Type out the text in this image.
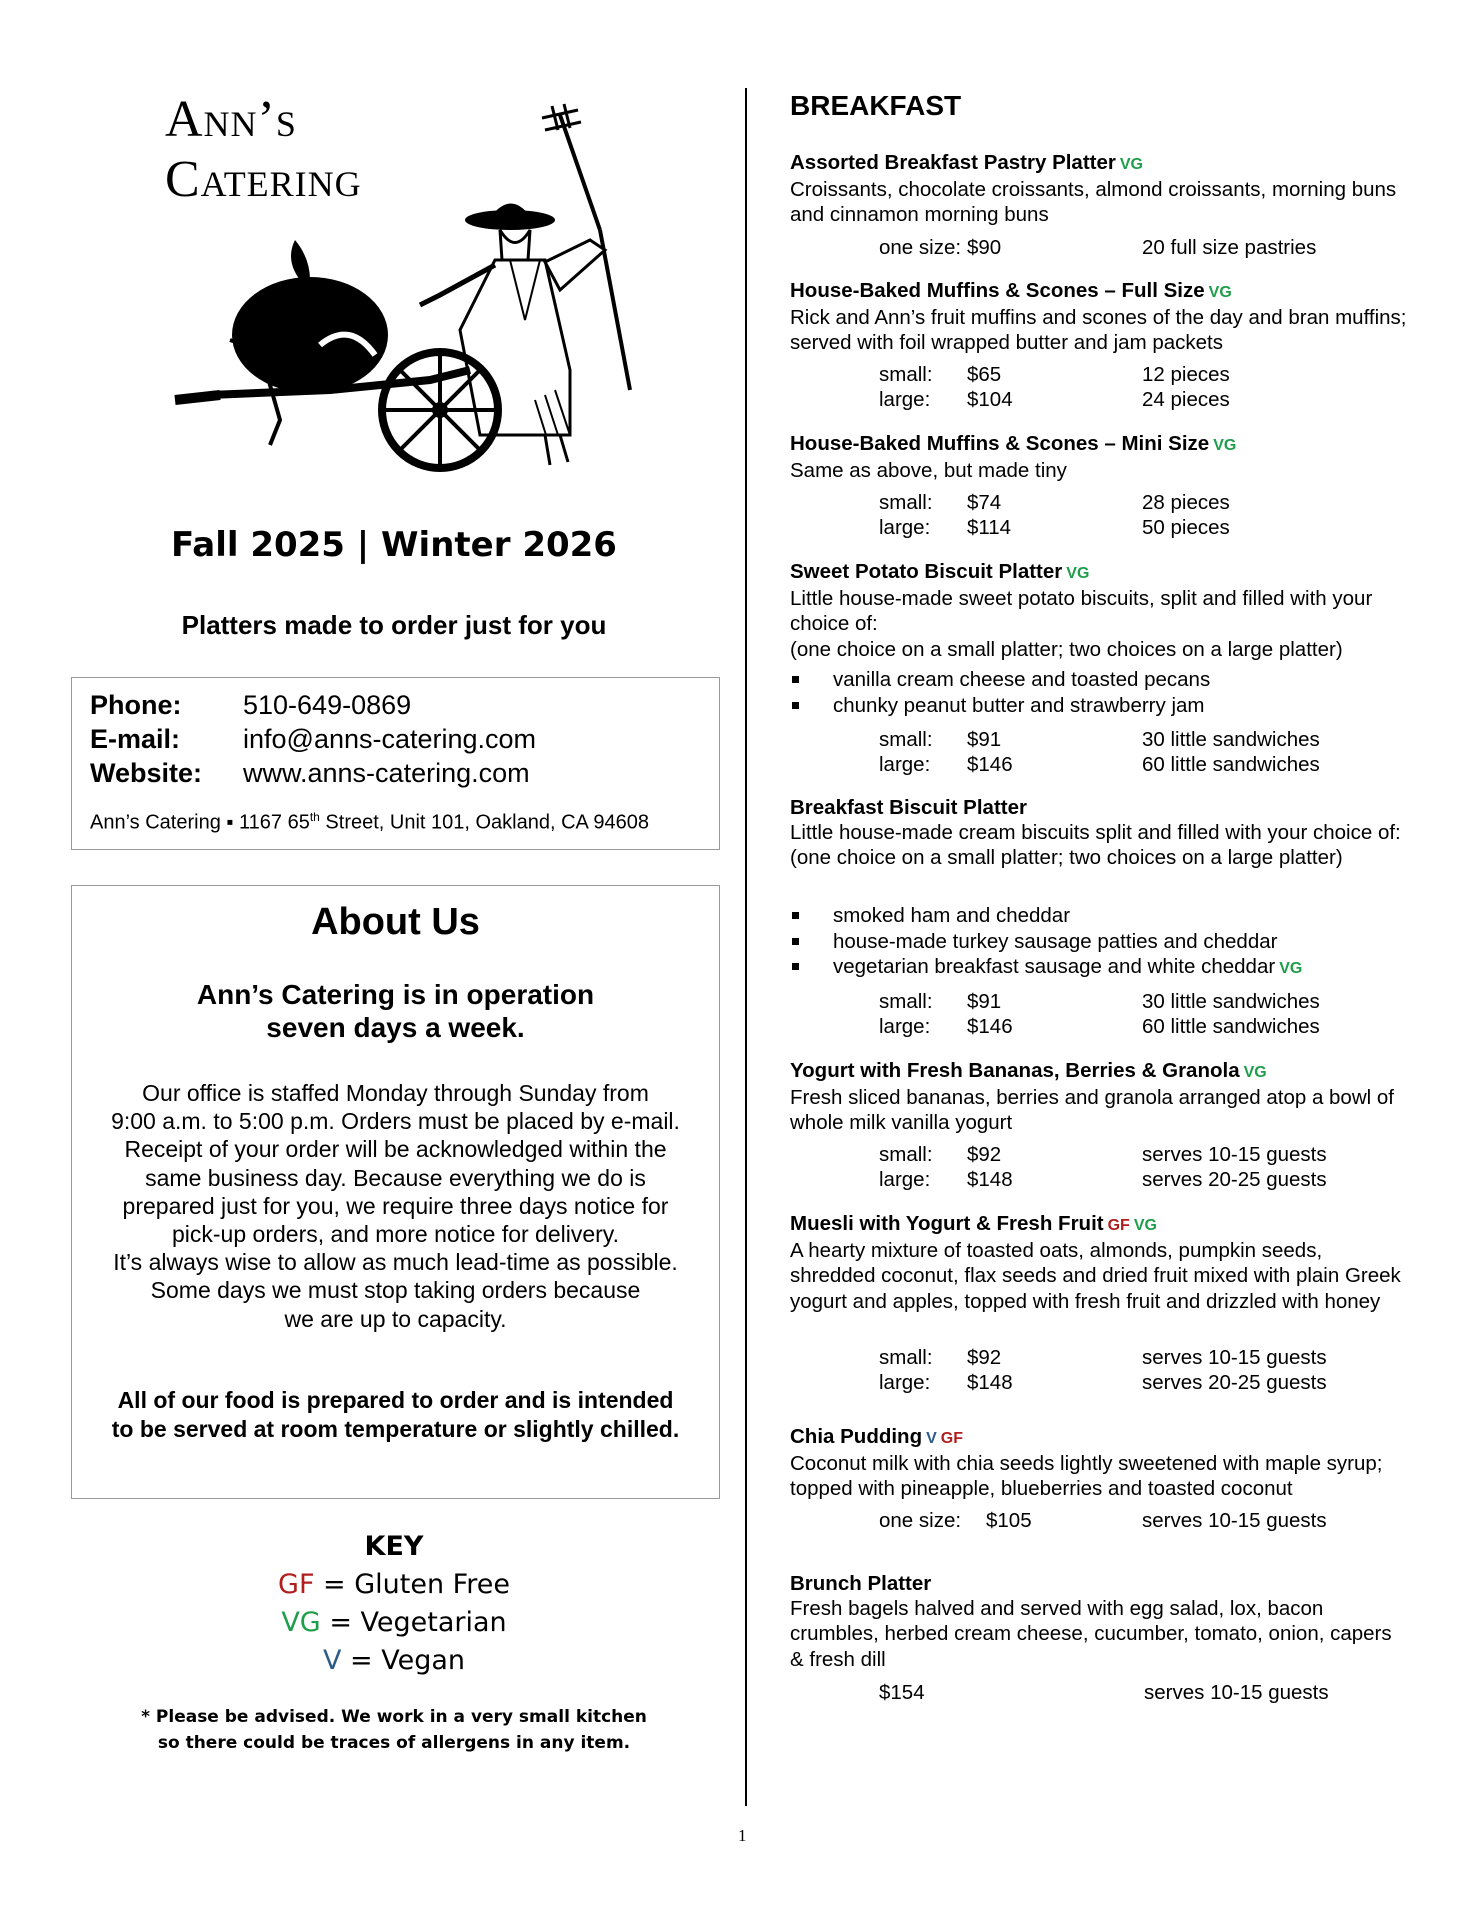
Ann’s
Catering
Fall 2025 | Winter 2026
Platters made to order just for you
Phone: 510-649-0869
E-mail: info@anns-catering.com
Website: www.anns-catering.com
Ann’s Catering ▪ 1167 65th Street, Unit 101, Oakland, CA 94608
About Us
Ann’s Catering is in operation
seven days a week.
Our office is staffed Monday through Sunday from
9:00 a.m. to 5:00 p.m. Orders must be placed by e-mail.
Receipt of your order will be acknowledged within the
same business day. Because everything we do is
prepared just for you, we require three days notice for
pick-up orders, and more notice for delivery.
It’s always wise to allow as much lead-time as possible.
Some days we must stop taking orders because
we are up to capacity.
All of our food is prepared to order and is intended
to be served at room temperature or slightly chilled.
KEY
GF = Gluten Free
VG = Vegetarian
V = Vegan
* Please be advised. We work in a very small kitchen
so there could be traces of allergens in any item.
1
BREAKFAST
Assorted Breakfast Pastry Platter VG
Croissants, chocolate croissants, almond croissants, morning buns and cinnamon morning buns
one size: $90	20 full size pastries
House-Baked Muffins & Scones – Full Size VG
Rick and Ann’s fruit muffins and scones of the day and bran muffins; served with foil wrapped butter and jam packets
small: $65	12 pieces
large: $104	24 pieces
House-Baked Muffins & Scones – Mini Size VG
Same as above, but made tiny
small: $74	28 pieces
large: $114	50 pieces
Sweet Potato Biscuit Platter VG
Little house-made sweet potato biscuits, split and filled with your choice of:
(one choice on a small platter; two choices on a large platter)
vanilla cream cheese and toasted pecans
chunky peanut butter and strawberry jam
small: $91	30 little sandwiches
large: $146	60 little sandwiches
Breakfast Biscuit Platter
Little house-made cream biscuits split and filled with your choice of: (one choice on a small platter; two choices on a large platter)
smoked ham and cheddar
house-made turkey sausage patties and cheddar
vegetarian breakfast sausage and white cheddar VG
small: $91	30 little sandwiches
large: $146	60 little sandwiches
Yogurt with Fresh Bananas, Berries & Granola VG
Fresh sliced bananas, berries and granola arranged atop a bowl of whole milk vanilla yogurt
small: $92	serves 10-15 guests
large: $148	serves 20-25 guests
Muesli with Yogurt & Fresh Fruit GF VG
A hearty mixture of toasted oats, almonds, pumpkin seeds, shredded coconut, flax seeds and dried fruit mixed with plain Greek yogurt and apples, topped with fresh fruit and drizzled with honey
small: $92	serves 10-15 guests
large: $148	serves 20-25 guests
Chia Pudding V GF
Coconut milk with chia seeds lightly sweetened with maple syrup; topped with pineapple, blueberries and toasted coconut
one size: $105	serves 10-15 guests
Brunch Platter
Fresh bagels halved and served with egg salad, lox, bacon crumbles, herbed cream cheese, cucumber, tomato, onion, capers & fresh dill
$154	serves 10-15 guests
